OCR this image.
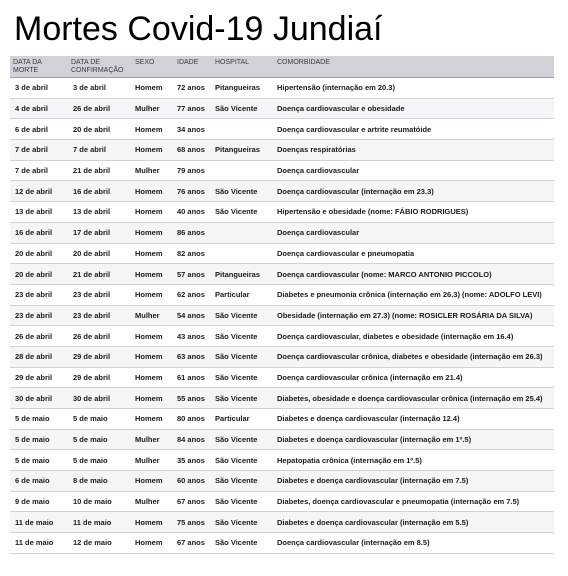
Mortes Covid-19 Jundiaí
DATA DA MORTE	DATA DE CONFIRMAÇÃO	SEXO	IDADE	HOSPITAL	COMORBIDADE
3 de abril	3 de abril	Homem	72 anos	Pitangueiras	Hipertensão (internação em 20.3)
4 de abril	26 de abril	Mulher	77 anos	São Vicente	Doença cardiovascular e obesidade
6 de abril	20 de abril	Homem	34 anos		Doença cardiovascular e artrite reumatóide
7 de abril	7 de abril	Homem	68 anos	Pitangueiras	Doenças respiratórias
7 de abril	21 de abril	Mulher	79 anos		Doença cardiovascular
12 de abril	16 de abril	Homem	76 anos	São Vicente	Doença cardiovascular (internação em 23.3)
13 de abril	13 de abril	Homem	40 anos	São Vicente	Hipertensão e obesidade (nome: FÁBIO RODRIGUES)
16 de abril	17 de abril	Homem	86 anos		Doença cardiovascular
20 de abril	20 de abril	Homem	82 anos		Doença cardiovascular e pneumopatia
20 de abril	21 de abril	Homem	57 anos	Pitangueiras	Doença cardiovascular (nome: MARCO ANTONIO PICCOLO)
23 de abril	23 de abril	Homem	62 anos	Particular	Diabetes e pneumonia crônica (internação em 26.3) (nome: ADOLFO LEVI)
23 de abril	23 de abril	Mulher	54 anos	São Vicente	Obesidade (internação em 27.3) (nome: ROSICLER ROSÁRIA DA SILVA)
26 de abril	26 de abril	Homem	43 anos	São Vicente	Doença cardiovascular, diabetes e obesidade (internação em 16.4)
28 de abril	29 de abril	Homem	63 anos	São Vicente	Doença cardiovascular crônica, diabetes e obesidade (internação em 26.3)
29 de abril	29 de abril	Homem	61 anos	São Vicente	Doença cardiovascular crônica (internação em 21.4)
30 de abril	30 de abril	Homem	55 anos	São Vicente	Diabetes, obesidade e doença cardiovascular crônica (internação em 25.4)
5 de maio	5 de maio	Homem	80 anos	Particular	Diabetes e doença cardiovascular (internação 12.4)
5 de maio	5 de maio	Mulher	84 anos	São Vicente	Diabetes e doença cardiovascular (internação em 1º.5)
5 de maio	5 de maio	Mulher	35 anos	São Vicente	Hepatopatia crônica (internação em 1º.5)
6 de maio	8 de maio	Homem	60 anos	São Vicente	Diabetes e doença cardiovascular (internação em 7.5)
9 de maio	10 de maio	Mulher	67 anos	São Vicente	Diabetes, doença cardiovascular e pneumopatia (internação em 7.5)
11 de maio	11 de maio	Homem	75 anos	São Vicente	Diabetes e doença cardiovascular (internação em 5.5)
11 de maio	12 de maio	Homem	67 anos	São Vicente	Doença cardiovascular (internação em 8.5)
